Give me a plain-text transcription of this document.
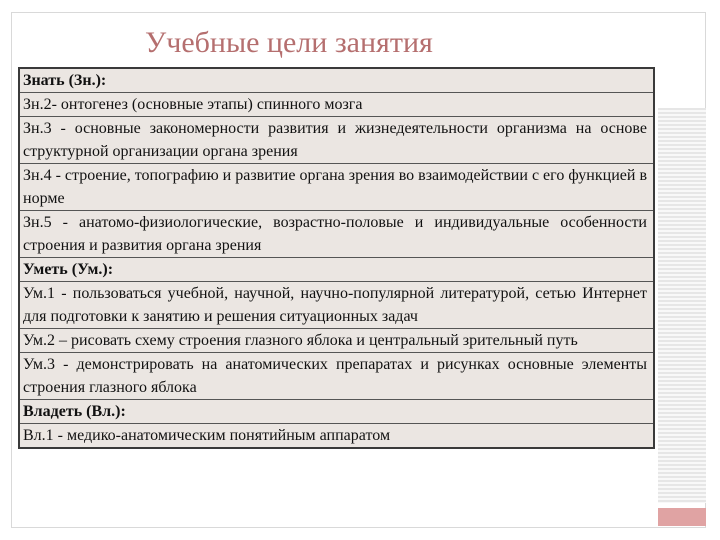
Учебные цели занятия
Знать (Зн.):
Зн.2- онтогенез (основные этапы) спинного мозга
Зн.3 - основные закономерности развития и жизнедеятельности организма на основе структурной организации органа зрения
Зн.4 - строение, топографию и развитие органа зрения во взаимодействии с его функцией в норме
Зн.5 - анатомо-физиологические, возрастно-половые и индивидуальные особенности строения и развития органа зрения
Уметь (Ум.):
Ум.1 - пользоваться учебной, научной, научно-популярной литературой, сетью Интернет для подготовки к занятию и решения ситуационных задач
Ум.2 – рисовать схему строения глазного яблока и центральный зрительный путь
Ум.3 - демонстрировать на анатомических препаратах и рисунках основные элементы строения глазного яблока
Владеть (Вл.):
Вл.1 - медико-анатомическим понятийным аппаратом
